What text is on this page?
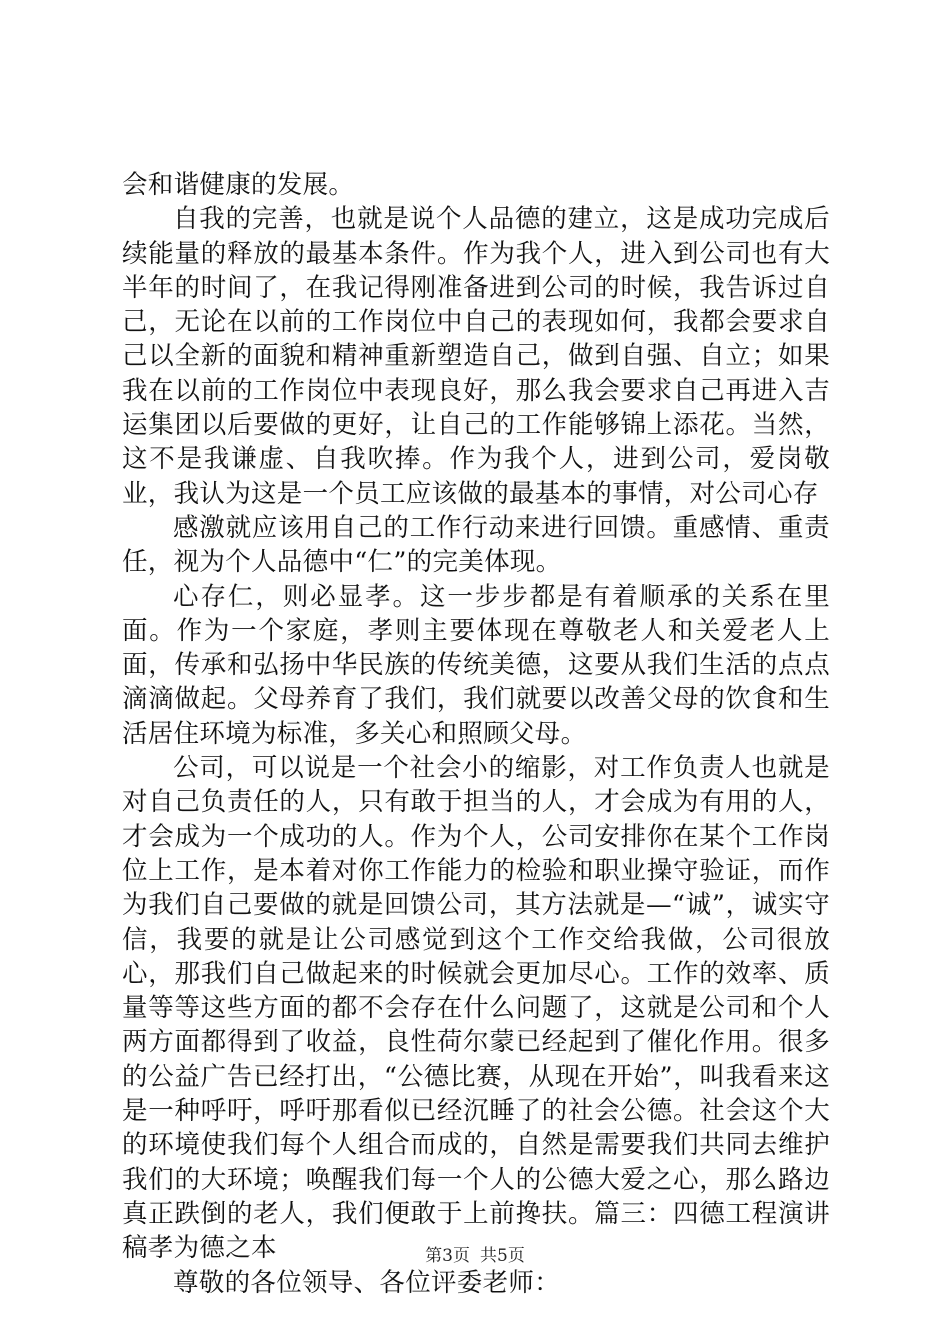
会和谐健康的发展。

自我的完善，也就是说个人品德的建立，这是成功完成后续能量的释放的最基本条件。作为我个人，进入到公司也有大半年的时间了，在我记得刚准备进到公司的时候，我告诉过自己，无论在以前的工作岗位中自己的表现如何，我都会要求自己以全新的面貌和精神重新塑造自己，做到自强、自立；如果我在以前的工作岗位中表现良好，那么我会要求自己再进入吉运集团以后要做的更好，让自己的工作能够锦上添花。当然，这不是我谦虚、自我吹捧。作为我个人，进到公司，爱岗敬业，我认为这是一个员工应该做的最基本的事情，对公司心存

感激就应该用自己的工作行动来进行回馈。重感情、重责任，视为个人品德中“仁”的完美体现。

心存仁，则必显孝。这一步步都是有着顺承的关系在里面。作为一个家庭，孝则主要体现在尊敬老人和关爱老人上面，传承和弘扬中华民族的传统美德，这要从我们生活的点点滴滴做起。父母养育了我们，我们就要以改善父母的饮食和生活居住环境为标准，多关心和照顾父母。

公司，可以说是一个社会小的缩影，对工作负责人也就是对自己负责任的人，只有敢于担当的人，才会成为有用的人，才会成为一个成功的人。作为个人，公司安排你在某个工作岗位上工作，是本着对你工作能力的检验和职业操守验证，而作为我们自己要做的就是回馈公司，其方法就是—“诚”，诚实守信，我要的就是让公司感觉到这个工作交给我做，公司很放心，那我们自己做起来的时候就会更加尽心。工作的效率、质量等等这些方面的都不会存在什么问题了，这就是公司和个人两方面都得到了收益，良性荷尔蒙已经起到了催化作用。很多的公益广告已经打出，“公德比赛，从现在开始”，叫我看来这是一种呼吁，呼吁那看似已经沉睡了的社会公德。社会这个大的环境使我们每个人组合而成的，自然是需要我们共同去维护我们的大环境；唤醒我们每一个人的公德大爱之心，那么路边真正跌倒的老人，我们便敢于上前搀扶。篇三：四德工程演讲稿孝为德之本

尊敬的各位领导、各位评委老师：

第3页 共5页
